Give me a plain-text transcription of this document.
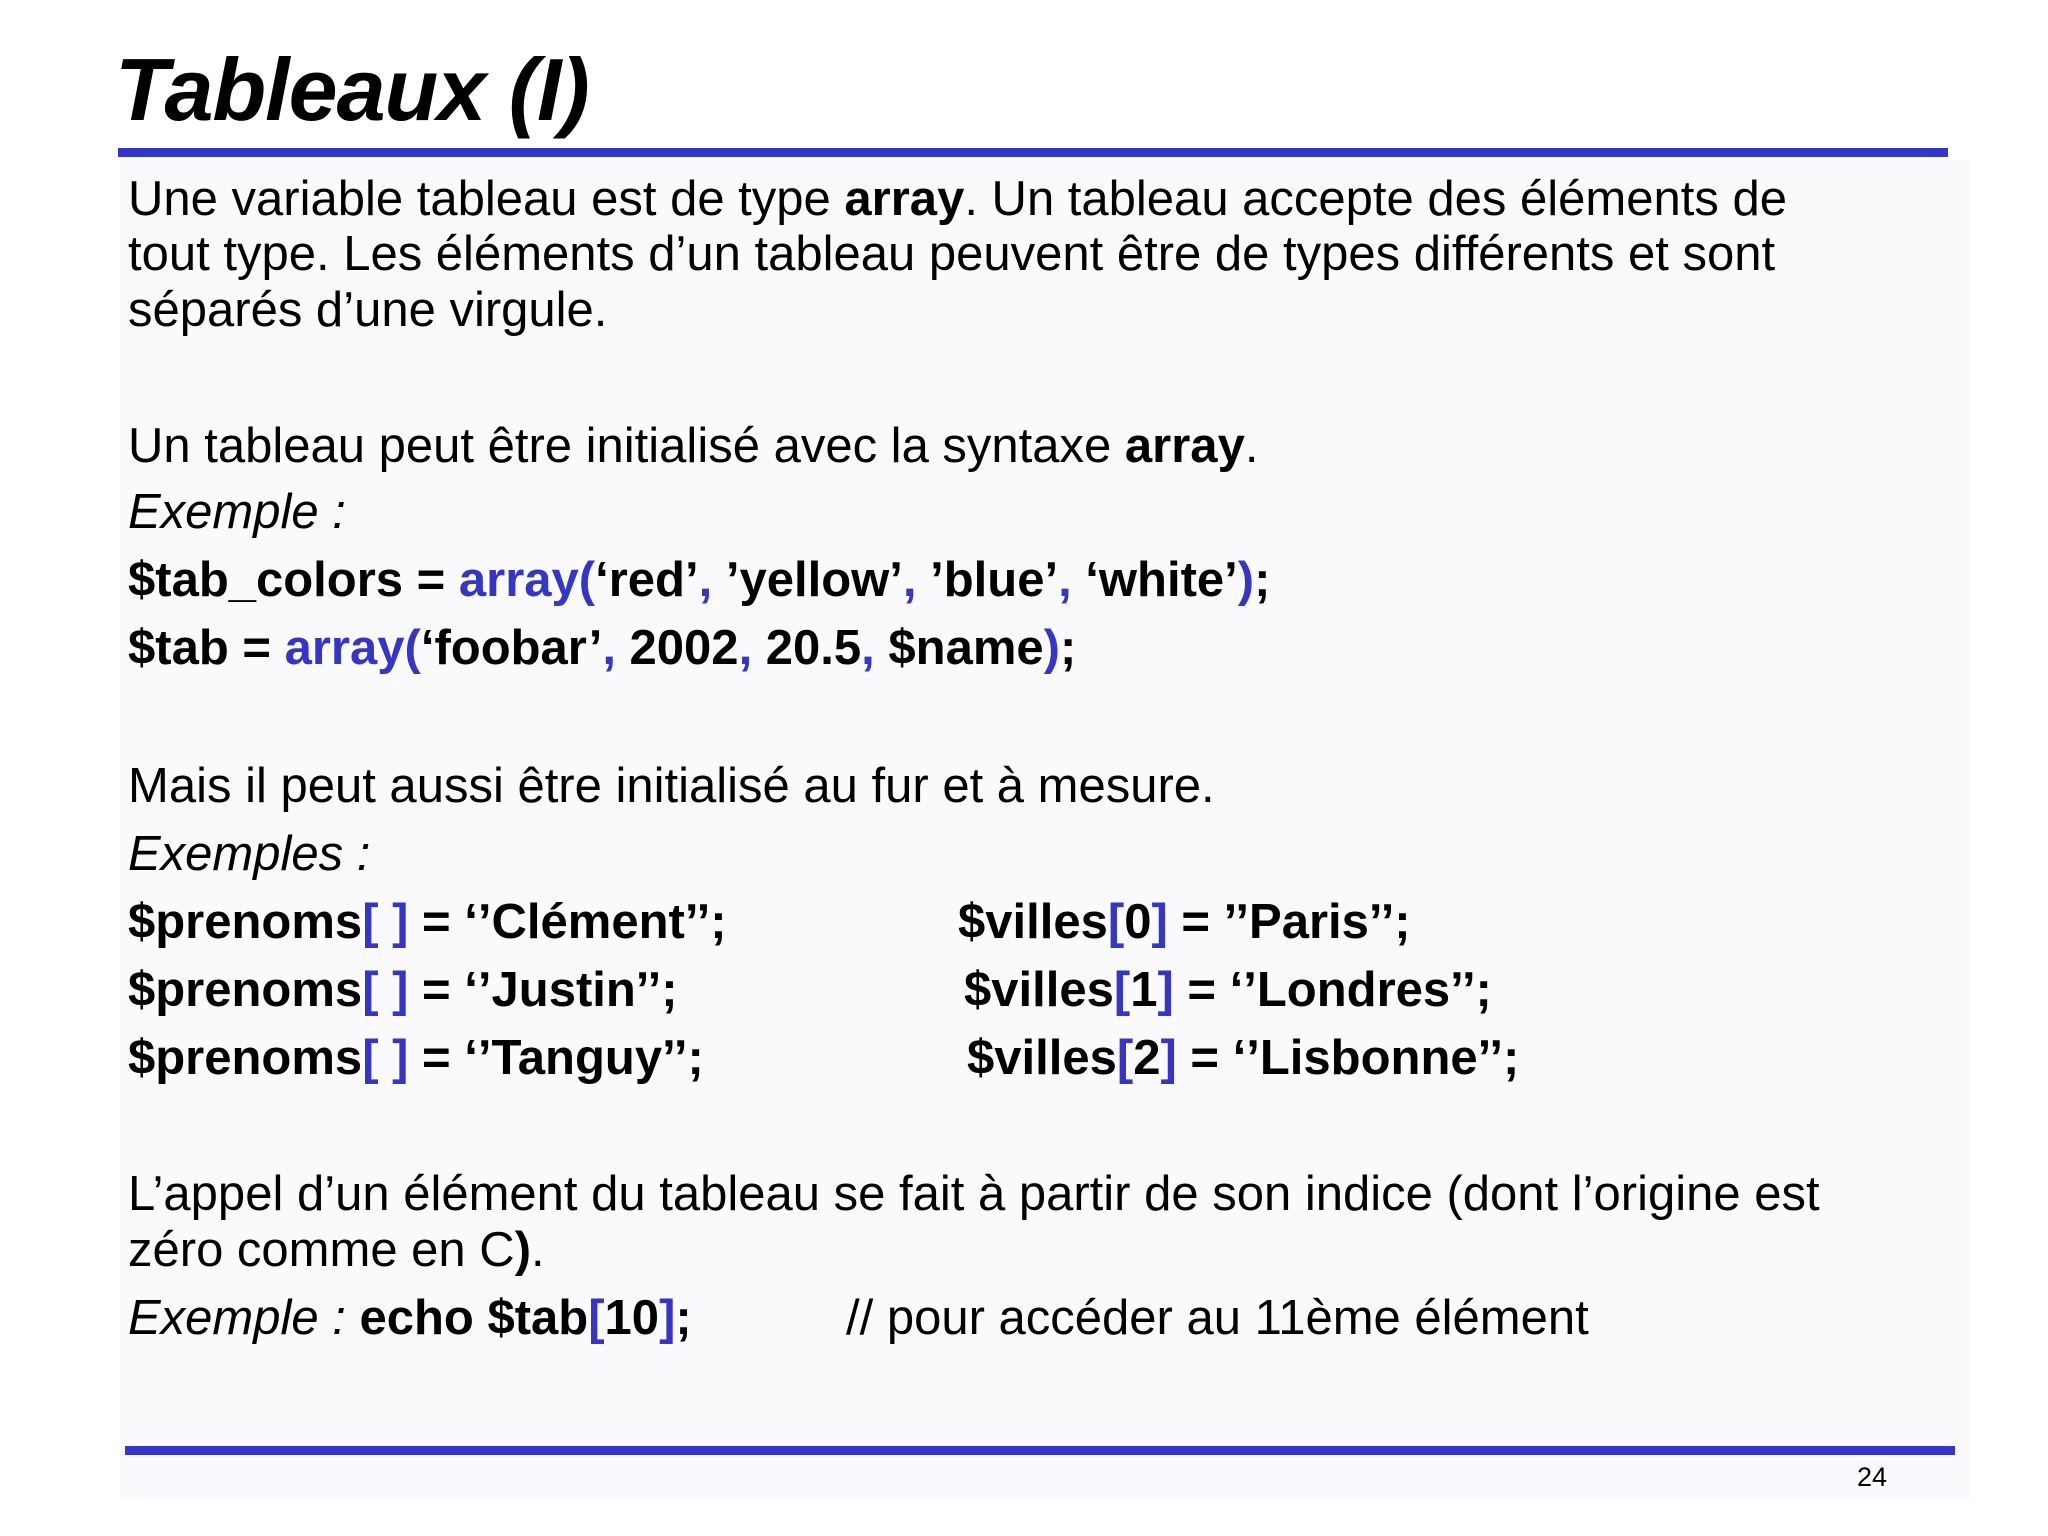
Tableaux (I)
Une variable tableau est de type array. Un tableau accepte des éléments de
tout type. Les éléments d’un tableau peuvent être de types différents et sont
séparés d’une virgule.
Un tableau peut être initialisé avec la syntaxe array.
Exemple :
$tab_colors = array(‘red’, ’yellow’, ’blue’, ‘white’);
$tab = array(‘foobar’, 2002, 20.5, $name);
Mais il peut aussi être initialisé au fur et à mesure.
Exemples :
$prenoms[ ] = ‘’Clément’’;
$prenoms[ ] = ‘’Justin’’;
$prenoms[ ] = ‘’Tanguy’’;
$villes[0] = ’’Paris’’;
$villes[1] = ‘’Londres’’;
$villes[2] = ‘’Lisbonne’’;
L’appel d’un élément du tableau se fait à partir de son indice (dont l’origine est
zéro comme en C).
Exemple : echo $tab[10];	// pour accéder au 11ème élément
24
